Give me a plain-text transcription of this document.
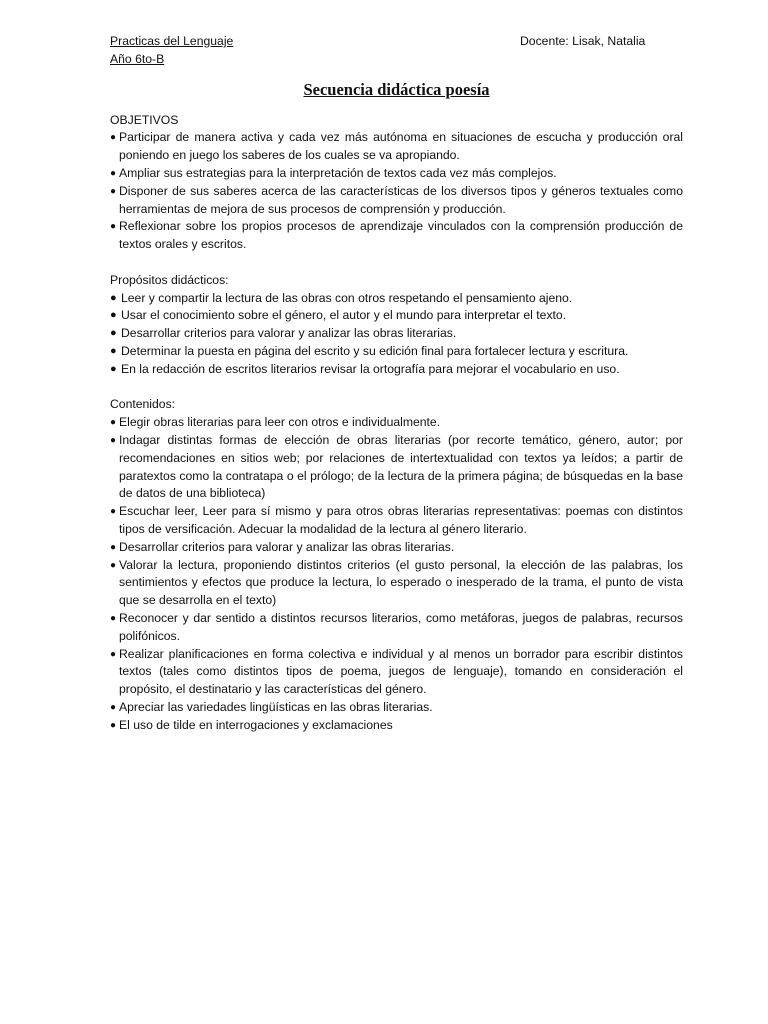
Practicas del Lenguaje
Año 6to-B
Docente: Lisak, Natalia
Secuencia didáctica poesía
OBJETIVOS
● Participar de manera activa y cada vez más autónoma en situaciones de escucha y producción oral poniendo en juego los saberes de los cuales se va apropiando.
● Ampliar sus estrategias para la interpretación de textos cada vez más complejos.
● Disponer de sus saberes acerca de las características de los diversos tipos y géneros textuales como herramientas de mejora de sus procesos de comprensión y producción.
● Reflexionar sobre los propios procesos de aprendizaje vinculados con la comprensión producción de textos orales y escritos.
Propósitos didácticos:
● Leer y compartir la lectura de las obras con otros respetando el pensamiento ajeno.
● Usar el conocimiento sobre el género, el autor y el mundo para interpretar el texto.
● Desarrollar criterios para valorar y analizar las obras literarias.
● Determinar la puesta en página del escrito y su edición final para fortalecer lectura y escritura.
● En la redacción de escritos literarios revisar la ortografía para mejorar el vocabulario en uso.
Contenidos:
● Elegir obras literarias para leer con otros e individualmente.
● Indagar distintas formas de elección de obras literarias (por recorte temático, género, autor; por recomendaciones en sitios web; por relaciones de intertextualidad con textos ya leídos; a partir de paratextos como la contratapa o el prólogo; de la lectura de la primera página; de búsquedas en la base de datos de una biblioteca)
● Escuchar leer, Leer para sí mismo y para otros obras literarias representativas: poemas con distintos tipos de versificación. Adecuar la modalidad de la lectura al género literario.
● Desarrollar criterios para valorar y analizar las obras literarias.
● Valorar la lectura, proponiendo distintos criterios (el gusto personal, la elección de las palabras, los sentimientos y efectos que produce la lectura, lo esperado o inesperado de la trama, el punto de vista que se desarrolla en el texto)
● Reconocer y dar sentido a distintos recursos literarios, como metáforas, juegos de palabras, recursos polifónicos.
● Realizar planificaciones en forma colectiva e individual y al menos un borrador para escribir distintos textos (tales como distintos tipos de poema, juegos de lenguaje), tomando en consideración el propósito, el destinatario y las características del género.
● Apreciar las variedades lingüísticas en las obras literarias.
● El uso de tilde en interrogaciones y exclamaciones
